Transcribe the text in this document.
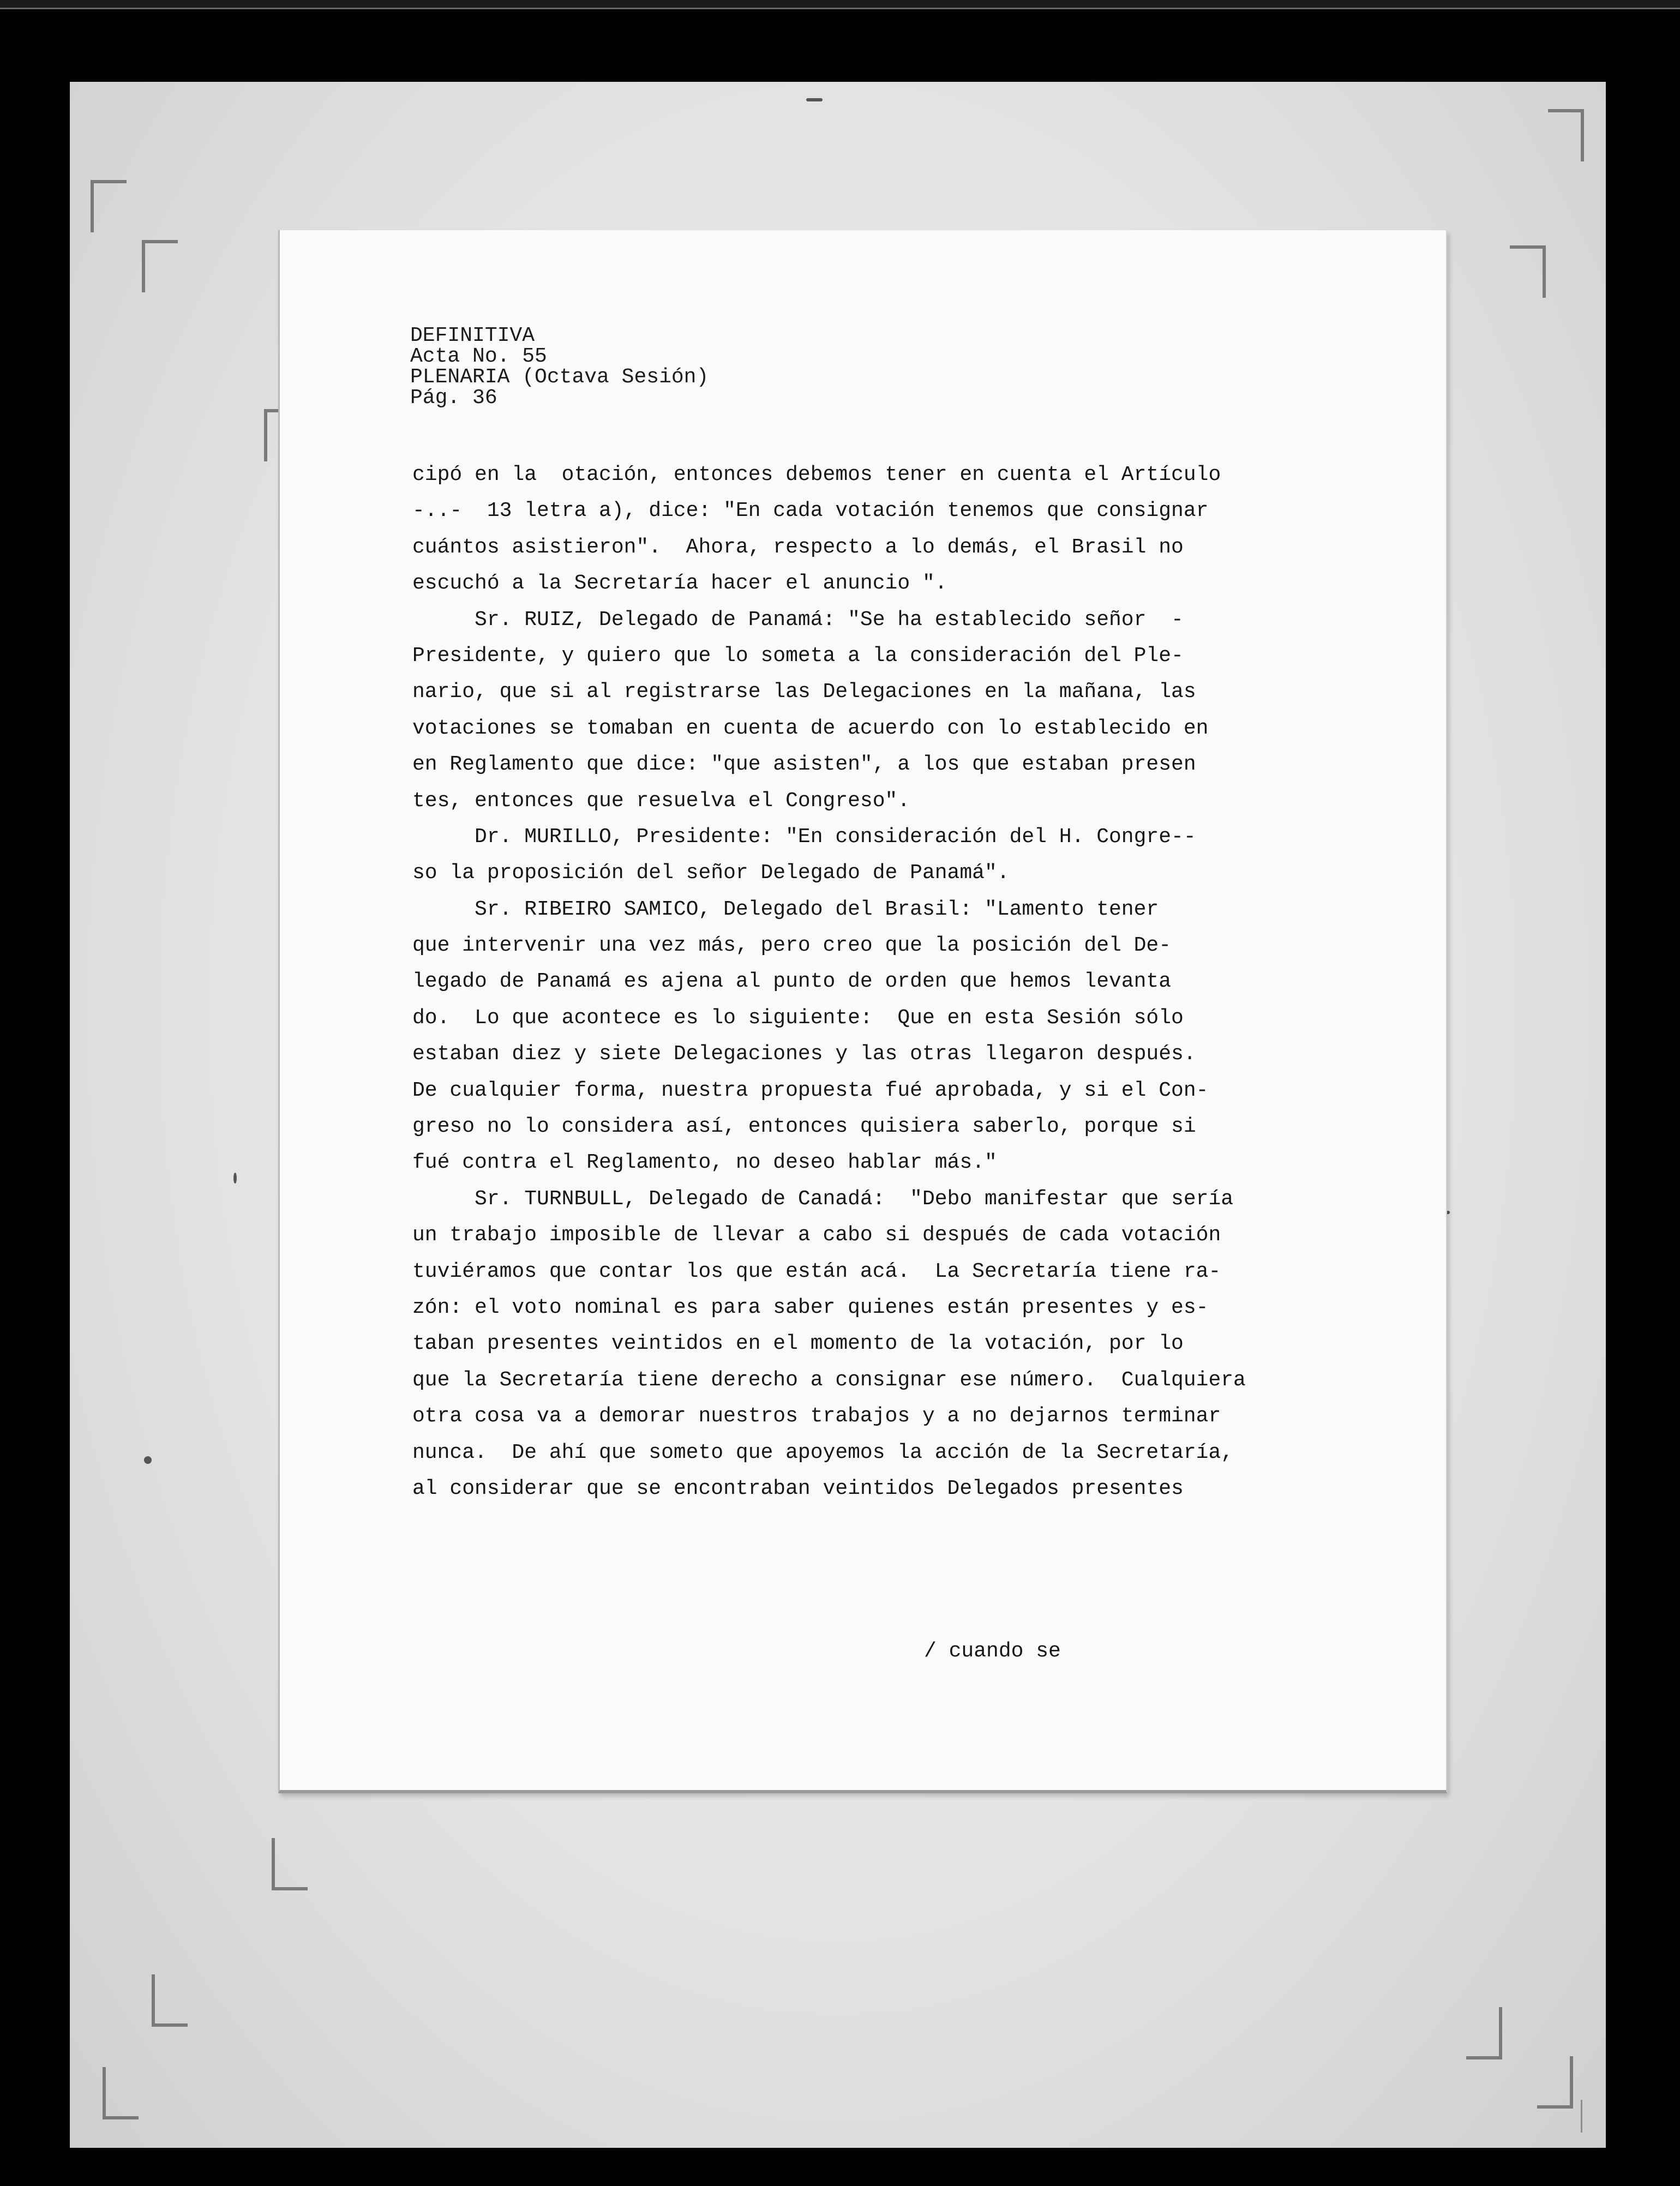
DEFINITIVA
Acta No. 55
PLENARIA (Octava Sesión)
Pág. 36
cipó en la  otación, entonces debemos tener en cuenta el Artículo
-..-  13 letra a), dice: "En cada votación tenemos que consignar
cuántos asistieron".  Ahora, respecto a lo demás, el Brasil no
escuchó a la Secretaría hacer el anuncio ".
Sr. RUIZ, Delegado de Panamá: "Se ha establecido señor  -
Presidente, y quiero que lo someta a la consideración del Ple-
nario, que si al registrarse las Delegaciones en la mañana, las
votaciones se tomaban en cuenta de acuerdo con lo establecido en
en Reglamento que dice: "que asisten", a los que estaban presen
tes, entonces que resuelva el Congreso".
Dr. MURILLO, Presidente: "En consideración del H. Congre--
so la proposición del señor Delegado de Panamá".
Sr. RIBEIRO SAMICO, Delegado del Brasil: "Lamento tener
que intervenir una vez más, pero creo que la posición del De-
legado de Panamá es ajena al punto de orden que hemos levanta
do.  Lo que acontece es lo siguiente:  Que en esta Sesión sólo
estaban diez y siete Delegaciones y las otras llegaron después.
De cualquier forma, nuestra propuesta fué aprobada, y si el Con-
greso no lo considera así, entonces quisiera saberlo, porque si
fué contra el Reglamento, no deseo hablar más."
Sr. TURNBULL, Delegado de Canadá:  "Debo manifestar que sería
un trabajo imposible de llevar a cabo si después de cada votación
tuviéramos que contar los que están acá.  La Secretaría tiene ra-
zón: el voto nominal es para saber quienes están presentes y es-
taban presentes veintidos en el momento de la votación, por lo
que la Secretaría tiene derecho a consignar ese número.  Cualquiera
otra cosa va a demorar nuestros trabajos y a no dejarnos terminar
nunca.  De ahí que someto que apoyemos la acción de la Secretaría,
al considerar que se encontraban veintidos Delegados presentes
/ cuando se
